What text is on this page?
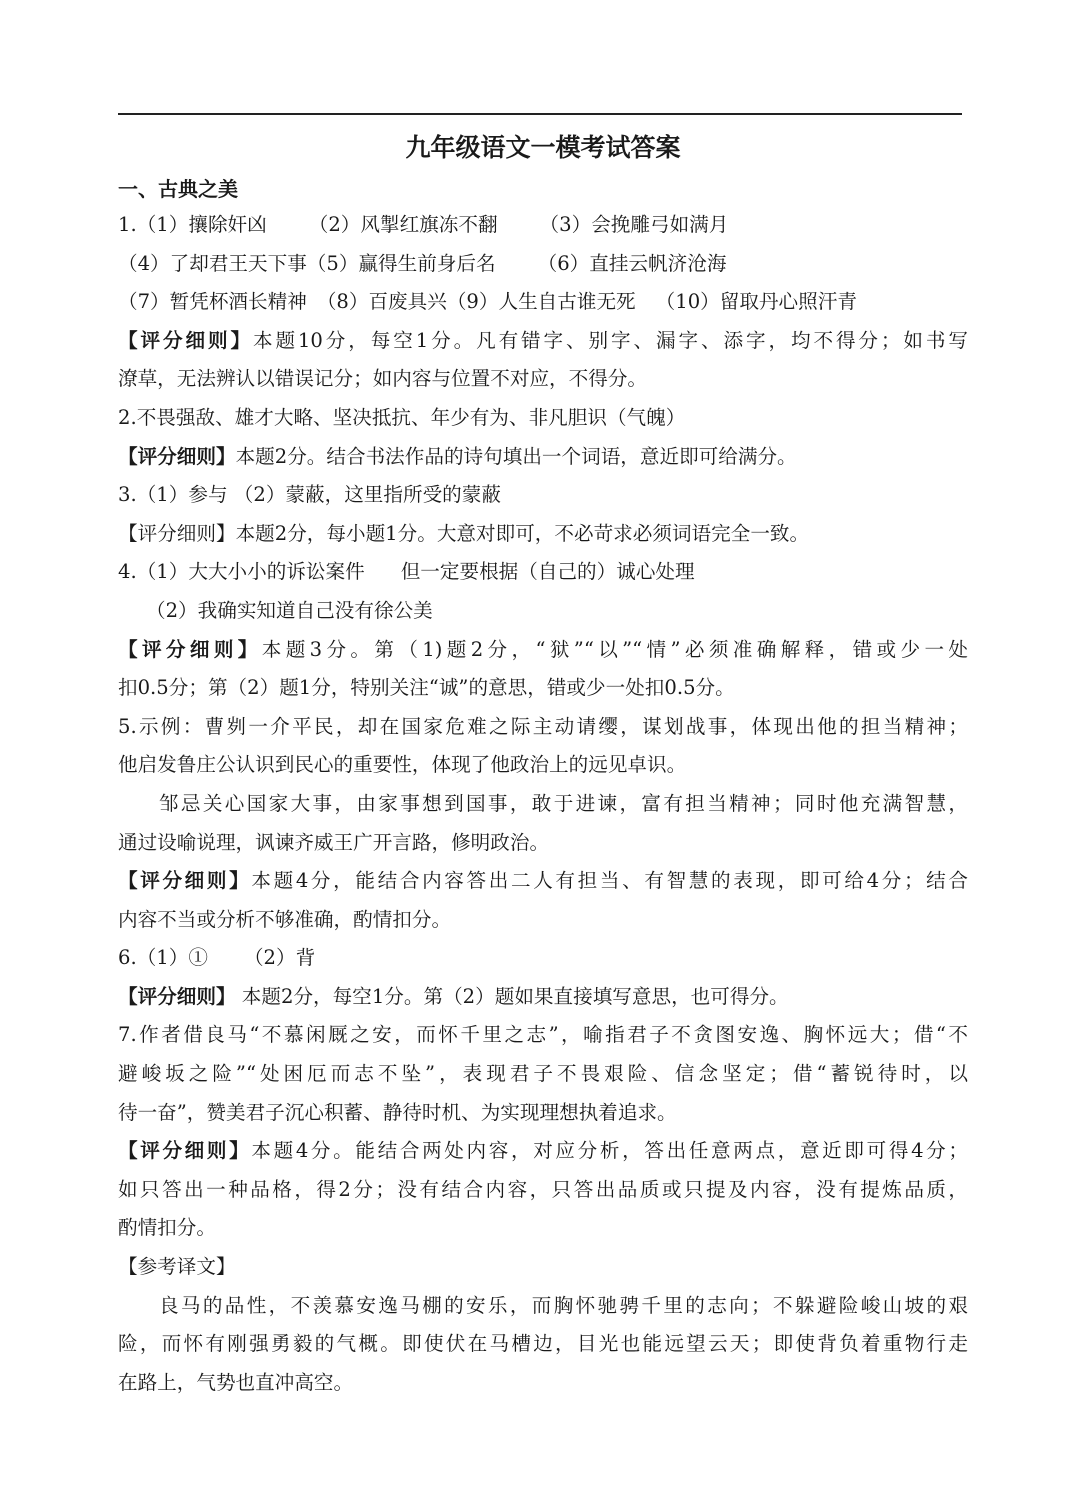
九年级语文一模考试答案
一、古典之美
1.（1）攘除奸凶 （2）风掣红旗冻不翻 （3）会挽雕弓如满月
（4）了却君王天下事（5）赢得生前身后名 （6）直挂云帆济沧海
（7）暂凭杯酒长精神 （8）百废具兴（9）人生自古谁无死 （10）留取丹心照汗青
【评分细则】本题10分，每空1分。凡有错字、别字、漏字、添字，均不得分；如书写
潦草，无法辨认以错误记分；如内容与位置不对应，不得分。
2.不畏强敌、雄才大略、坚决抵抗、年少有为、非凡胆识（气魄）
【评分细则】本题2分。结合书法作品的诗句填出一个词语，意近即可给满分。
3.（1）参与 （2）蒙蔽，这里指所受的蒙蔽
【评分细则】本题2分，每小题1分。大意对即可，不必苛求必须词语完全一致。
4.（1）大大小小的诉讼案件 但一定要根据（自己的）诚心处理
（2）我确实知道自己没有徐公美
【评分细则】本题3分。第（1)题2分，“狱”“以”“情”必须准确解释，错或少一处
扣0.5分；第（2）题1分，特别关注“诚”的意思，错或少一处扣0.5分。
5.示例：曹刿一介平民，却在国家危难之际主动请缨，谋划战事，体现出他的担当精神；
他启发鲁庄公认识到民心的重要性，体现了他政治上的远见卓识。
邹忌关心国家大事，由家事想到国事，敢于进谏，富有担当精神；同时他充满智慧，
通过设喻说理，讽谏齐威王广开言路，修明政治。
【评分细则】本题4分，能结合内容答出二人有担当、有智慧的表现，即可给4分；结合
内容不当或分析不够准确，酌情扣分。
6.（1）① （2）背
【评分细则】 本题2分，每空1分。第（2）题如果直接填写意思，也可得分。
7.作者借良马“不慕闲厩之安，而怀千里之志”，喻指君子不贪图安逸、胸怀远大；借“不
避峻坂之险”“处困厄而志不坠”，表现君子不畏艰险、信念坚定；借“蓄锐待时，以
待一奋”，赞美君子沉心积蓄、静待时机、为实现理想执着追求。
【评分细则】本题4分。能结合两处内容，对应分析，答出任意两点，意近即可得4分；
如只答出一种品格，得2分；没有结合内容，只答出品质或只提及内容，没有提炼品质，
酌情扣分。
【参考译文】
良马的品性，不羡慕安逸马棚的安乐，而胸怀驰骋千里的志向；不躲避险峻山坡的艰
险，而怀有刚强勇毅的气概。即使伏在马槽边，目光也能远望云天；即使背负着重物行走
在路上，气势也直冲高空。
